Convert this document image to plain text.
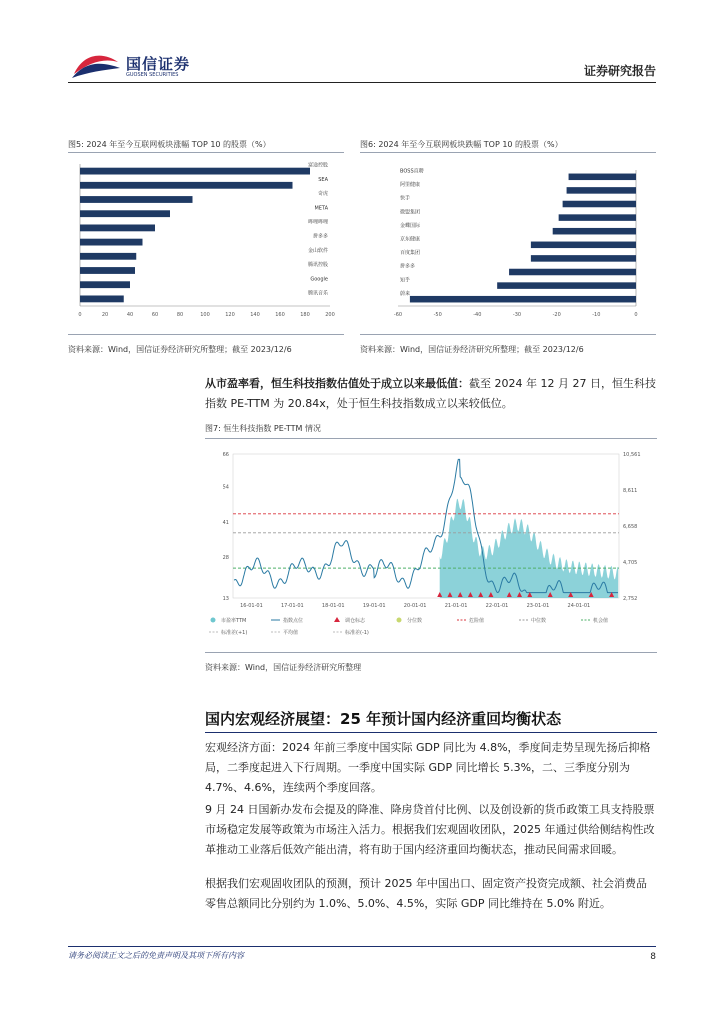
国信证券
GUOSEN SECURITIES	证券研究报告
图5: 2024 年至今互联网板块涨幅 TOP 10 的股票（%）
0	20	40	60	80	100	120	140	160	180	200
富途控股
SEA
奇虎
META
哔哩哔哩
拼多多
金山软件
腾讯控股
Google
腾讯音乐
资料来源：Wind，国信证券经济研究所整理；截至 2023/12/6
图6: 2024 年至今互联网板块跌幅 TOP 10 的股票（%）
-60	-50	-40	-30	-20	-10	0
BOSS直聘
阿里健康
快手
微盟集团
金蝶国际
京东健康
百度集团
拼多多
知乎
蔚来
资料来源：Wind，国信证券经济研究所整理；截至 2023/12/6
从市盈率看，恒生科技指数估值处于成立以来最低值：截至 2024 年 12 月 27 日，恒生科技指数 PE-TTM 为 20.84x，处于恒生科技指数成立以来较低位。
图7: 恒生科技指数 PE-TTM 情况
13
28
41
54
66
2,752
4,705
6,658
8,611
10,561
16-01-01	17-01-01	18-01-01	19-01-01	20-01-01	21-01-01	22-01-01	23-01-01	24-01-01
市盈率TTM	指数点位	调仓标志	分位数	危险值	中位数	机会值
标准差(+1)	平均值	标准差(-1)
资料来源：Wind，国信证券经济研究所整理
国内宏观经济展望：25 年预计国内经济重回均衡状态
宏观经济方面：2024 年前三季度中国实际 GDP 同比为 4.8%，季度间走势呈现先扬后抑格局，二季度起进入下行周期。一季度中国实际 GDP 同比增长 5.3%，二、三季度分别为 4.7%、4.6%，连续两个季度回落。
9 月 24 日国新办发布会提及的降准、降房贷首付比例、以及创设新的货币政策工具支持股票市场稳定发展等政策为市场注入活力。根据我们宏观固收团队，2025 年通过供给侧结构性改革推动工业落后低效产能出清，将有助于国内经济重回均衡状态，推动民间需求回暖。
根据我们宏观固收团队的预测，预计 2025 年中国出口、固定资产投资完成额、社会消费品零售总额同比分别约为 1.0%、5.0%、4.5%，实际 GDP 同比维持在 5.0% 附近。
请务必阅读正文之后的免责声明及其项下所有内容	8
